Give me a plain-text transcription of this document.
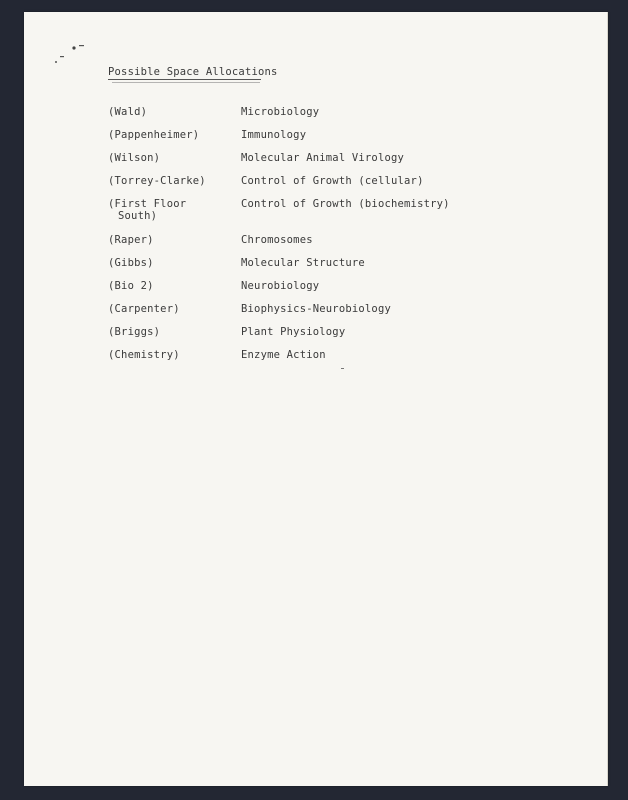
Possible Space Allocations
(Wald)	Microbiology
(Pappenheimer)	Immunology
(Wilson)	Molecular Animal Virology
(Torrey-Clarke)	Control of Growth (cellular)
(First Floor	Control of Growth (biochemistry)
South)
(Raper)	Chromosomes
(Gibbs)	Molecular Structure
(Bio 2)	Neurobiology
(Carpenter)	Biophysics-Neurobiology
(Briggs)	Plant Physiology
(Chemistry)	Enzyme Action
